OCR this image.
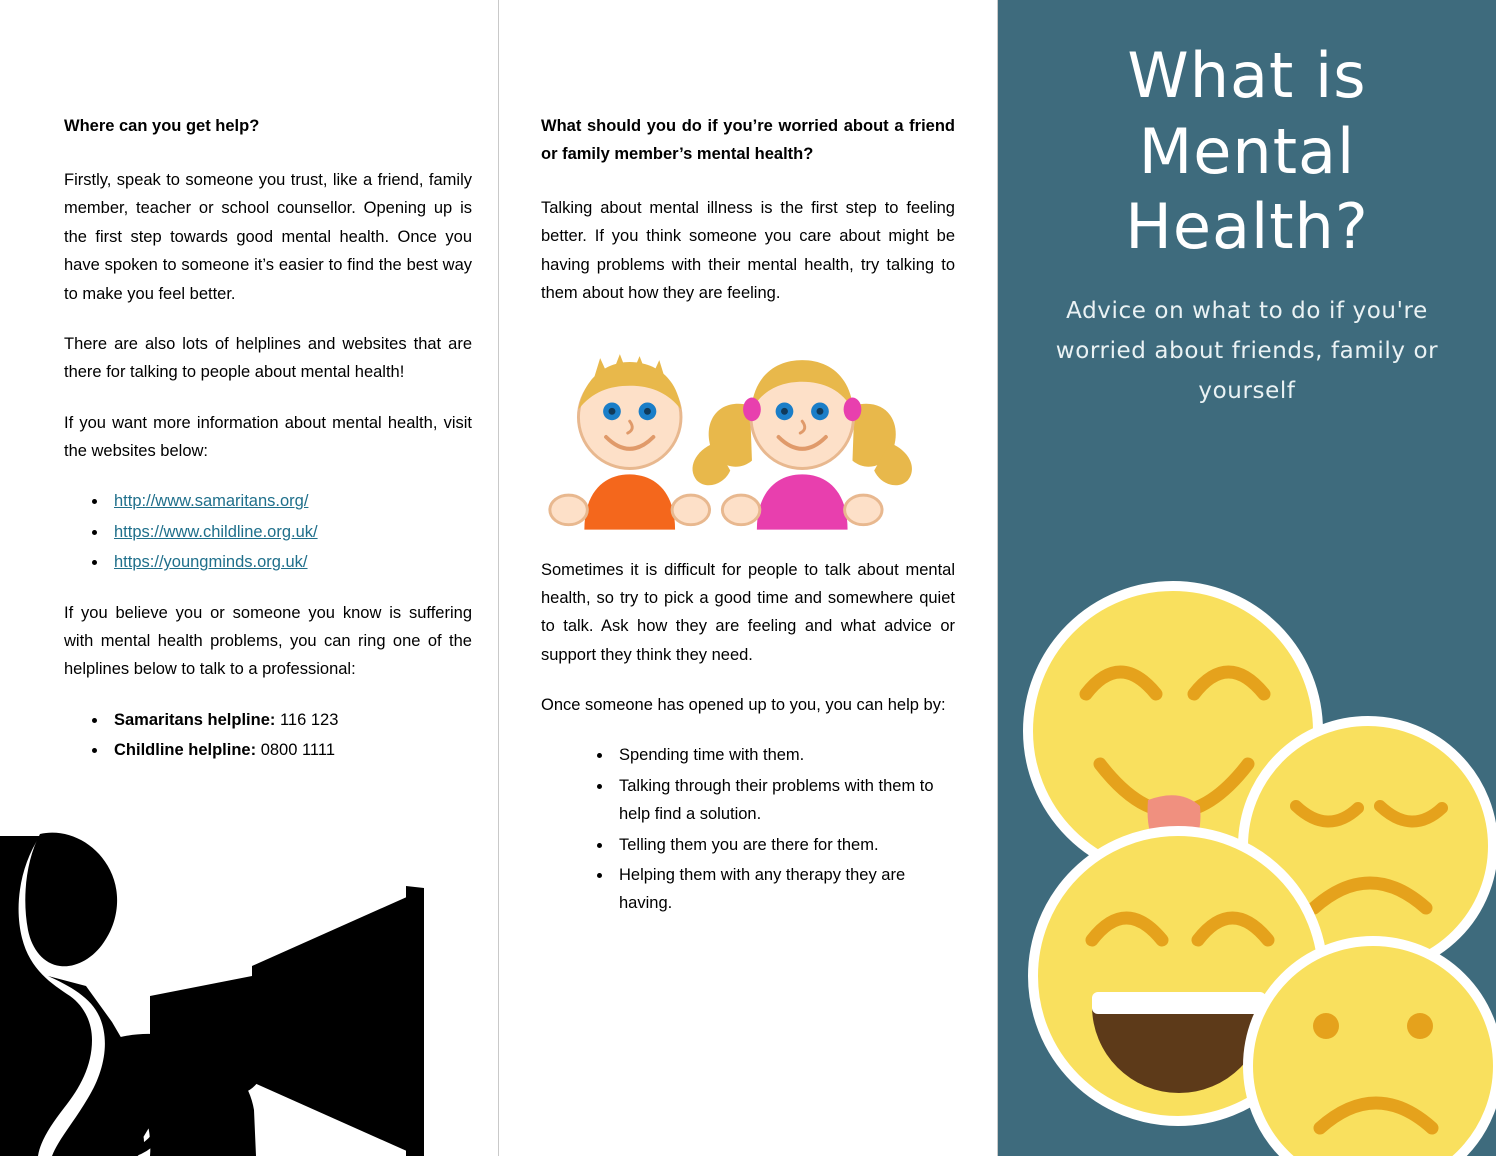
Where can you get help?

Firstly, speak to someone you trust, like a friend, family member, teacher or school counsellor. Opening up is the first step towards good mental health. Once you have spoken to someone it’s easier to find the best way to make you feel better.

There are also lots of helplines and websites that are there for talking to people about mental health!

If you want more information about mental health, visit the websites below:

• http://www.samaritans.org/
• https://www.childline.org.uk/
• https://youngminds.org.uk/

If you believe you or someone you know is suffering with mental health problems, you can ring one of the helplines below to talk to a professional:

• Samaritans helpline: 116 123
• Childline helpline: 0800 1111
What should you do if you’re worried about a friend or family member’s mental health?

Talking about mental illness is the first step to feeling better. If you think someone you care about might be having problems with their mental health, try talking to them about how they are feeling.

Sometimes it is difficult for people to talk about mental health, so try to pick a good time and somewhere quiet to talk. Ask how they are feeling and what advice or support they think they need.

Once someone has opened up to you, you can help by:

• Spending time with them.
• Talking through their problems with them to help find a solution.
• Telling them you are there for them.
• Helping them with any therapy they are having.
What is
Mental
Health?

Advice on what to do if you're worried about friends, family or yourself
